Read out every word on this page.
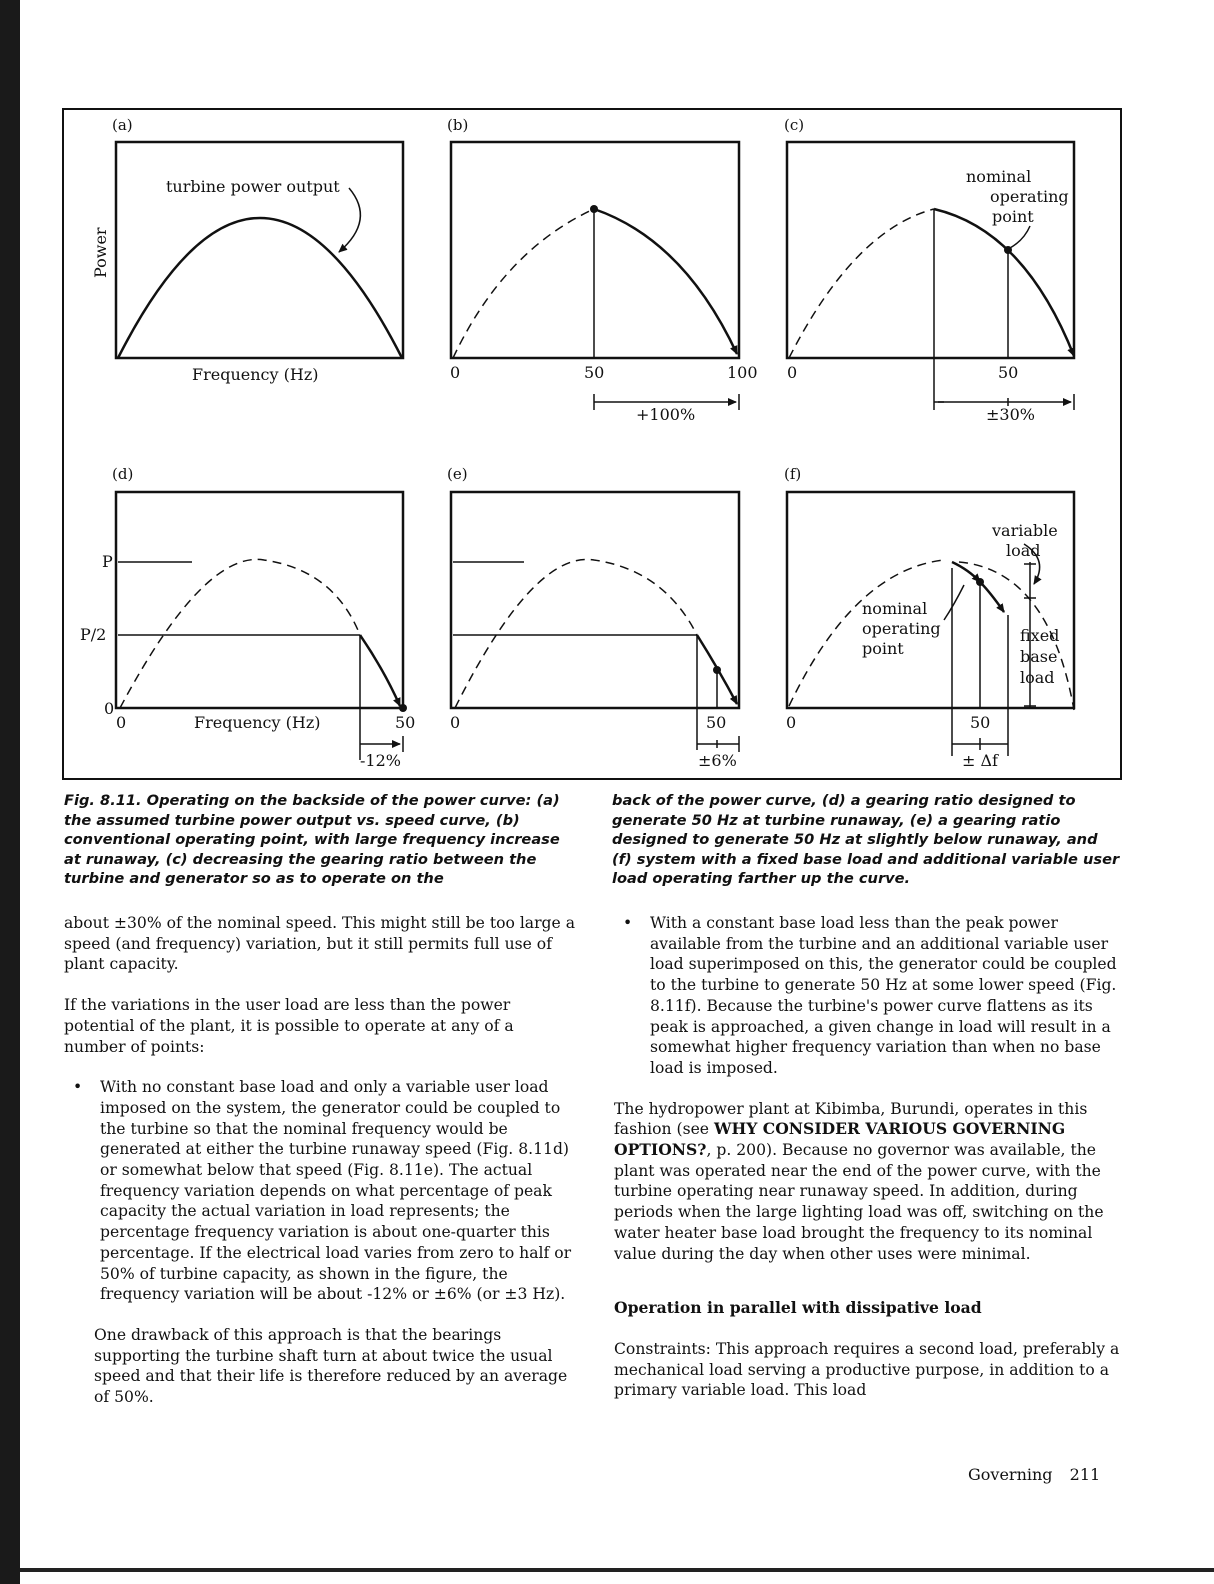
(a)	(b)	(c)
(d)	(e)	(f)
turbine power output
Power
Frequency (Hz)	0	50	100
+100%
0	50
±30%
nominal
operating
point
P
P/2
0
0	Frequency (Hz)	50
-12%
0	50
±6%
0	50
± Δf
variable
load
nominal
operating
point
fixed
base
load
Fig. 8.11. Operating on the backside of the power curve: (a) the assumed turbine power output vs. speed curve, (b) conventional operating point, with large frequency increase at runaway, (c) decreasing the gearing ratio between the turbine and generator so as to operate on the
back of the power curve, (d) a gearing ratio designed to generate 50 Hz at turbine runaway, (e) a gearing ratio designed to generate 50 Hz at slightly below runaway, and (f) system with a fixed base load and additional variable user load operating farther up the curve.

about ±30% of the nominal speed. This might still be too large a speed (and frequency) variation, but it still permits full use of plant capacity.

If the variations in the user load are less than the power potential of the plant, it is possible to operate at any of a number of points:

• With no constant base load and only a variable user load imposed on the system, the generator could be coupled to the turbine so that the nominal frequency would be generated at either the turbine runaway speed (Fig. 8.11d) or somewhat below that speed (Fig. 8.11e). The actual frequency variation depends on what percentage of peak capacity the actual variation in load represents; the percentage frequency variation is about one-quarter this percentage. If the electrical load varies from zero to half or 50% of turbine capacity, as shown in the figure, the frequency variation will be about -12% or ±6% (or ±3 Hz).

One drawback of this approach is that the bearings supporting the turbine shaft turn at about twice the usual speed and that their life is therefore reduced by an average of 50%.

• With a constant base load less than the peak power available from the turbine and an additional variable user load superimposed on this, the generator could be coupled to the turbine to generate 50 Hz at some lower speed (Fig. 8.11f). Because the turbine's power curve flattens as its peak is approached, a given change in load will result in a somewhat higher frequency variation than when no base load is imposed.

The hydropower plant at Kibimba, Burundi, operates in this fashion (see WHY CONSIDER VARIOUS GOVERNING OPTIONS?, p. 200). Because no governor was available, the plant was operated near the end of the power curve, with the turbine operating near runaway speed. In addition, during periods when the large lighting load was off, switching on the water heater base load brought the frequency to its nominal value during the day when other uses were minimal.

Operation in parallel with dissipative load

Constraints: This approach requires a second load, preferably a mechanical load serving a productive purpose, in addition to a primary variable load. This load

Governing 211
